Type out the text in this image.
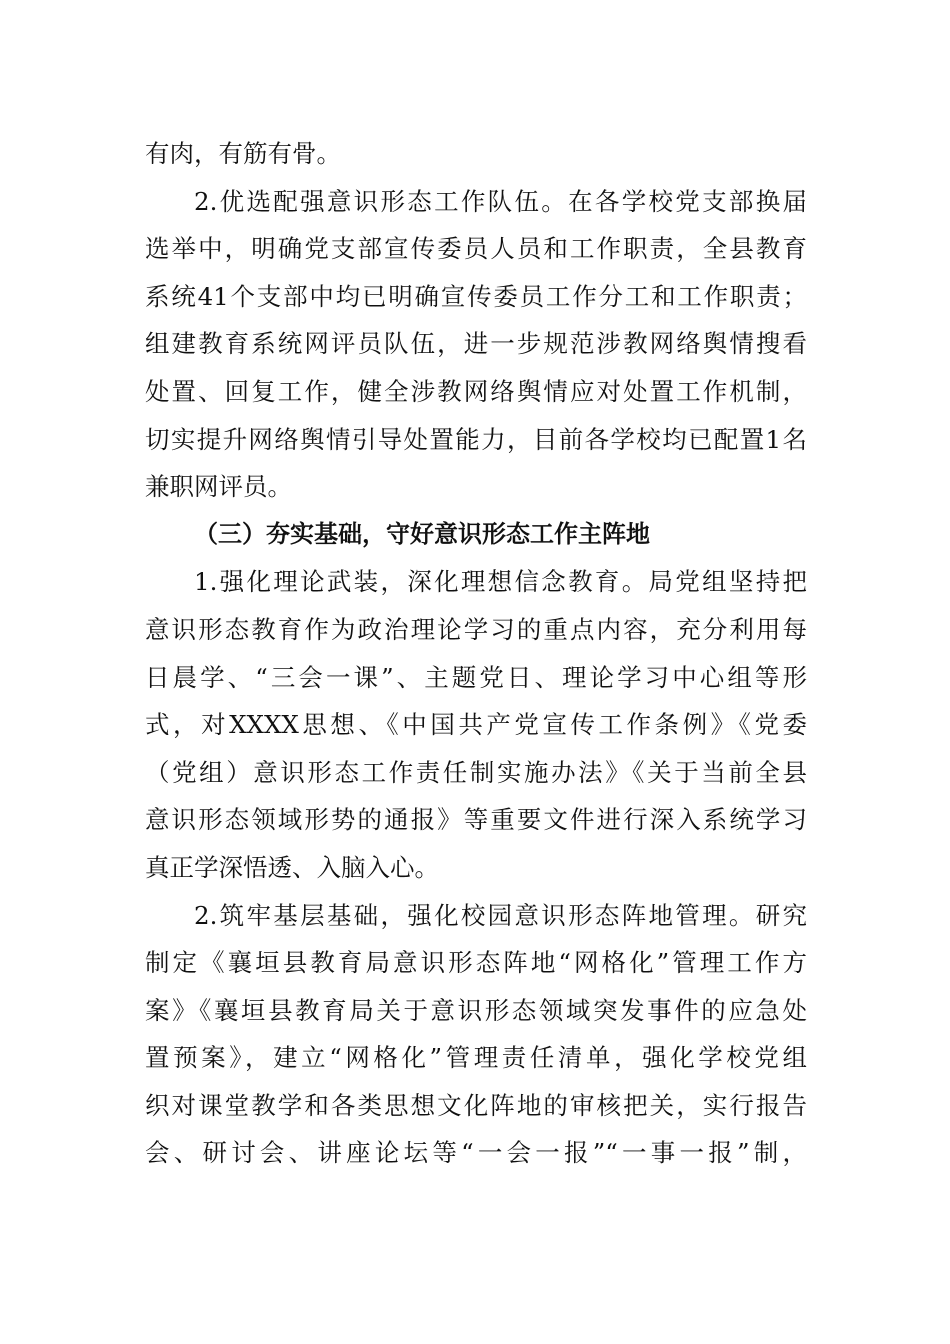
有肉，有筋有骨。
2.优选配强意识形态工作队伍。在各学校党支部换届
选举中，明确党支部宣传委员人员和工作职责，全县教育
系统41个支部中均已明确宣传委员工作分工和工作职责；
组建教育系统网评员队伍，进一步规范涉教网络舆情搜看
处置、回复工作，健全涉教网络舆情应对处置工作机制，
切实提升网络舆情引导处置能力，目前各学校均已配置1名
兼职网评员。
（三）夯实基础，守好意识形态工作主阵地
1.强化理论武装，深化理想信念教育。局党组坚持把
意识形态教育作为政治理论学习的重点内容，充分利用每
日晨学、“三会一课”、主题党日、理论学习中心组等形
式，对XXXX思想、《中国共产党宣传工作条例》《党委
（党组）意识形态工作责任制实施办法》《关于当前全县
意识形态领域形势的通报》等重要文件进行深入系统学习
真正学深悟透、入脑入心。
2.筑牢基层基础，强化校园意识形态阵地管理。研究
制定《襄垣县教育局意识形态阵地“网格化”管理工作方
案》《襄垣县教育局关于意识形态领域突发事件的应急处
置预案》，建立“网格化”管理责任清单，强化学校党组
织对课堂教学和各类思想文化阵地的审核把关，实行报告
会、研讨会、讲座论坛等“一会一报”“一事一报”制，
